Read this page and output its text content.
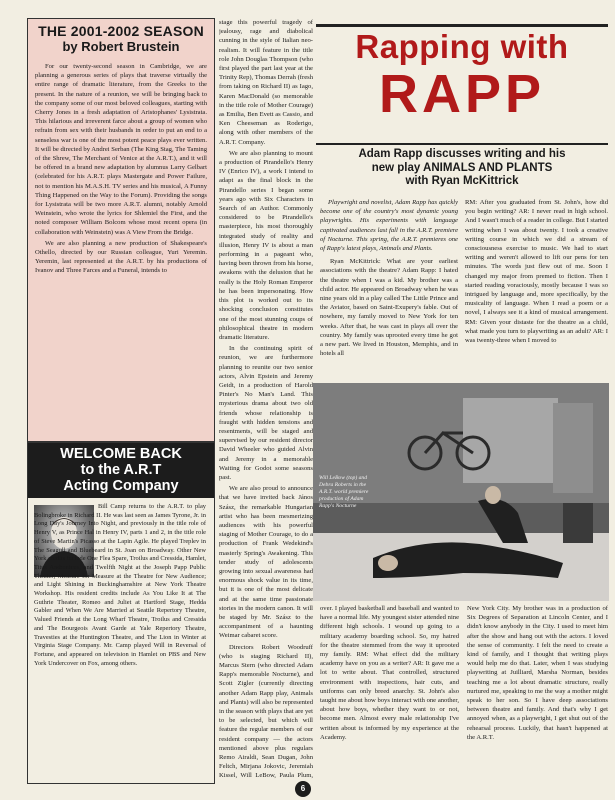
THE 2001-2002 SEASON
by Robert Brustein

For our twenty-second season in Cambridge, we are planning a generous series of plays that traverse virtually the entire range of dramatic literature, from the Greeks to the present. In the nature of a reunion, we will be bringing back to the company some of our most beloved colleagues, starting with Cherry Jones in a fresh adaptation of Aristophanes' Lysistrata. This hilarious and irreverent farce about a group of women who refrain from sex with their husbands in order to put an end to a senseless war is one of the most potent peace plays ever written. It will be directed by Andrei Serban (The King Stag, The Taming of the Shrew, The Merchant of Venice at the A.R.T.), and it will be offered in a brand new adaptation by alumnus Larry Gelbart (celebrated for his A.R.T. plays Mastergate and Power Failure, not to mention his M.A.S.H. TV series and his musical, A Funny Thing Happened on the Way to the Forum). Providing the songs for Lysistrata will be two more A.R.T. alumni, notably Arnold Weinstein, who wrote the lyrics for Shlemiel the First, and the noted composer William Bolcom whose most recent opera (in collaboration with Weinstein) was A View From the Bridge.

We are also planning a new production of Shakespeare's Othello, directed by our Russian colleague, Yuri Yeremin. Yeremin, last represented at the A.R.T. by his productions of Ivanov and Three Farces and a Funeral, intends to

WELCOME BACK
to the A.R.T
Acting Company
Bill Camp returns to the A.R.T. to play Bolingbroke in Richard II. He was last seen as James Tyrone, Jr. in Long Day's Journey Into Night, and previously in the title role of Henry V, as Prince Hal in Henry IV, parts 1 and 2, in the title role of Steve Martin's Picasso at the Lapin Agile. He played Treplev in The Seagull and Bluebeard in St. Joan on Broadway. Other New York credits include One Flea Spare, Troilus and Cressida, Hamlet, Titus Andronicus, and Twelfth Night at the Joseph Papp Public Theater; Measure for Measure at the Theatre for New Audience; and Light Shining in Buckinghamshire at New York Theatre Workshop. His resident credits include As You Like It at The Guthrie Theater, Romeo and Juliet at Hartford Stage, Hedda Gabler and When We Are Married at Seattle Repertory Theatre, Valued Friends at the Long Wharf Theatre, Troilus and Cressida and The Bourgeois Avant Garde at Yale Repertory Theatre, Travesties at the Huntington Theatre, and The Lion in Winter at Virginia Stage Company. Mr. Camp played Will in Reversal of Fortune, and appeared on television in Hamlet on PBS and New York Undercover on Fox, among others.

stage this powerful tragedy of jealousy, rage and diabolical cunning in the style of Italian neo-realism. It will feature in the title role John Douglas Thompson (who first played the part last year at the Trinity Rep), Thomas Derrah (fresh from taking on Richard II) as Iago, Karen MacDonald (so memorable in the title role of Mother Courage) as Emilia, Ben Evett as Cassio, and Ken Cheeseman as Roderigo, along with other members of the A.R.T. Company.

We are also planning to mount a production of Pirandello's Henry IV (Enrico IV), a work I intend to adapt as the final block in the Pirandello series I began some years ago with Six Characters in Search of an Author. Commonly considered to be Pirandello's masterpiece, his most thoroughly integrated study of reality and illusion, Henry IV is about a man performing in a pageant who, having been thrown from his horse, awakens with the delusion that he really is the Holy Roman Emperor he has been impersonating. How this plot is worked out to its shocking conclusion constitutes one of the most stunning coups of philosophical theatre in modern dramatic literature.

In the continuing spirit of reunion, we are furthermore planning to reunite our two senior actors, Alvin Epstein and Jeremy Geidt, in a production of Harold Pinter's No Man's Land. This mysterious drama about two old friends whose relationship is fraught with hidden tensions and resentments, will be staged and supervised by our resident director David Wheeler who guided Alvin and Jeremy in a memorable Waiting for Godot some seasons past.

We are also proud to announce that we have invited back János Szász, the remarkable Hungarian artist who has been mesmerizing audiences with his powerful staging of Mother Courage, to do a production of Frank Wedekind's masterly Spring's Awakening. This tender study of adolescents growing into sexual awareness had enormous shock value in its time, but it is one of the most delicate and at the same time passionate stories in the modern canon. It will be staged by Mr. Szász to the accompaniment of a haunting Weimar cabaret score.

Directors Robert Woodruff (who is staging Richard II), Marcus Stern (who directed Adam Rapp's memorable Nocturne), and Scott Zigler (currently directing another Adam Rapp play, Animals and Plants) will also be represented in the season with plays that are yet to be selected, but which will feature the regular members of our resident company — the actors mentioned above plus regulars Remo Airaldi, Sean Dugan, John Feltch, Mirjana Jokovic, Jeremiah Kissel, Will LeBow, Paula Plum,

Rapping with
RAPP
Adam Rapp discusses writing and his
new play ANIMALS AND PLANTS
with Ryan McKittrick

Playwright and novelist, Adam Rapp has quickly become one of the country's most dynamic young playwrights. His experiments with language captivated audiences last fall in the A.R.T. premiere of Nocturne. This spring, the A.R.T. premieres one of Rapp's latest plays, Animals and Plants.

Ryan McKittrick: What are your earliest associations with the theatre? Adam Rapp: I hated the theatre when I was a kid. My brother was a child actor. He appeared on Broadway when he was nine years old in a play called The Little Prince and the Aviator, based on Saint-Exupery's fable. Out of nowhere, my family moved to New York for ten weeks. After that, he was cast in plays all over the country. My family was uprooted every time he got a new part. We lived in Houston, Memphis, and in hotels all

RM: After you graduated from St. John's, how did you begin writing? AR: I never read in high school. And I wasn't much of a reader in college. But I started writing when I was about twenty. I took a creative writing course in which we did a stream of consciousness exercise to music. We had to start writing and weren't allowed to lift our pens for ten minutes. The words just flew out of me. Soon I changed my major from premed to fiction. Then I started reading voraciously, mostly because I was so intrigued by language and, more specifically, by the musicality of language. When I read a poem or a novel, I always see it a kind of musical arrangement. RM: Given your distaste for the theatre as a child, what made you turn to playwriting as an adult? AR: I was twenty-three when I moved to

Will LeBow (top) and Debra Roberts in the A.R.T. world premiere production of Adam Rapp's Nocturne

over. I played basketball and baseball and wanted to have a normal life. My youngest sister attended nine different high schools. I wound up going to a military academy boarding school. So, my hatred for the theatre stemmed from the way it uprooted my family. RM: What effect did the military academy have on you as a writer? AR: It gave me a lot to write about. That controlled, structured environment with inspections, hair cuts, and uniforms can only breed anarchy. St. John's also taught me about how boys interact with one another, about how boys, whether they want to or not, become men. Almost every male relationship I've written about is informed by my experience at the Academy.

New York City. My brother was in a production of Six Degrees of Separation at Lincoln Center, and I didn't know anybody in the City. I used to meet him after the show and hang out with the actors. I loved the sense of community. I felt the need to create a kind of family, and I thought that writing plays would help me do that. Later, when I was studying playwriting at Juilliard, Marsha Norman, besides teaching me a lot about dramatic structure, really nurtured me, speaking to me the way a mother might speak to her son. So I have deep associations between theatre and family. And that's why I get annoyed when, as a playwright, I get shut out of the rehearsal process. Luckily, that hasn't happened at the A.R.T.

6
